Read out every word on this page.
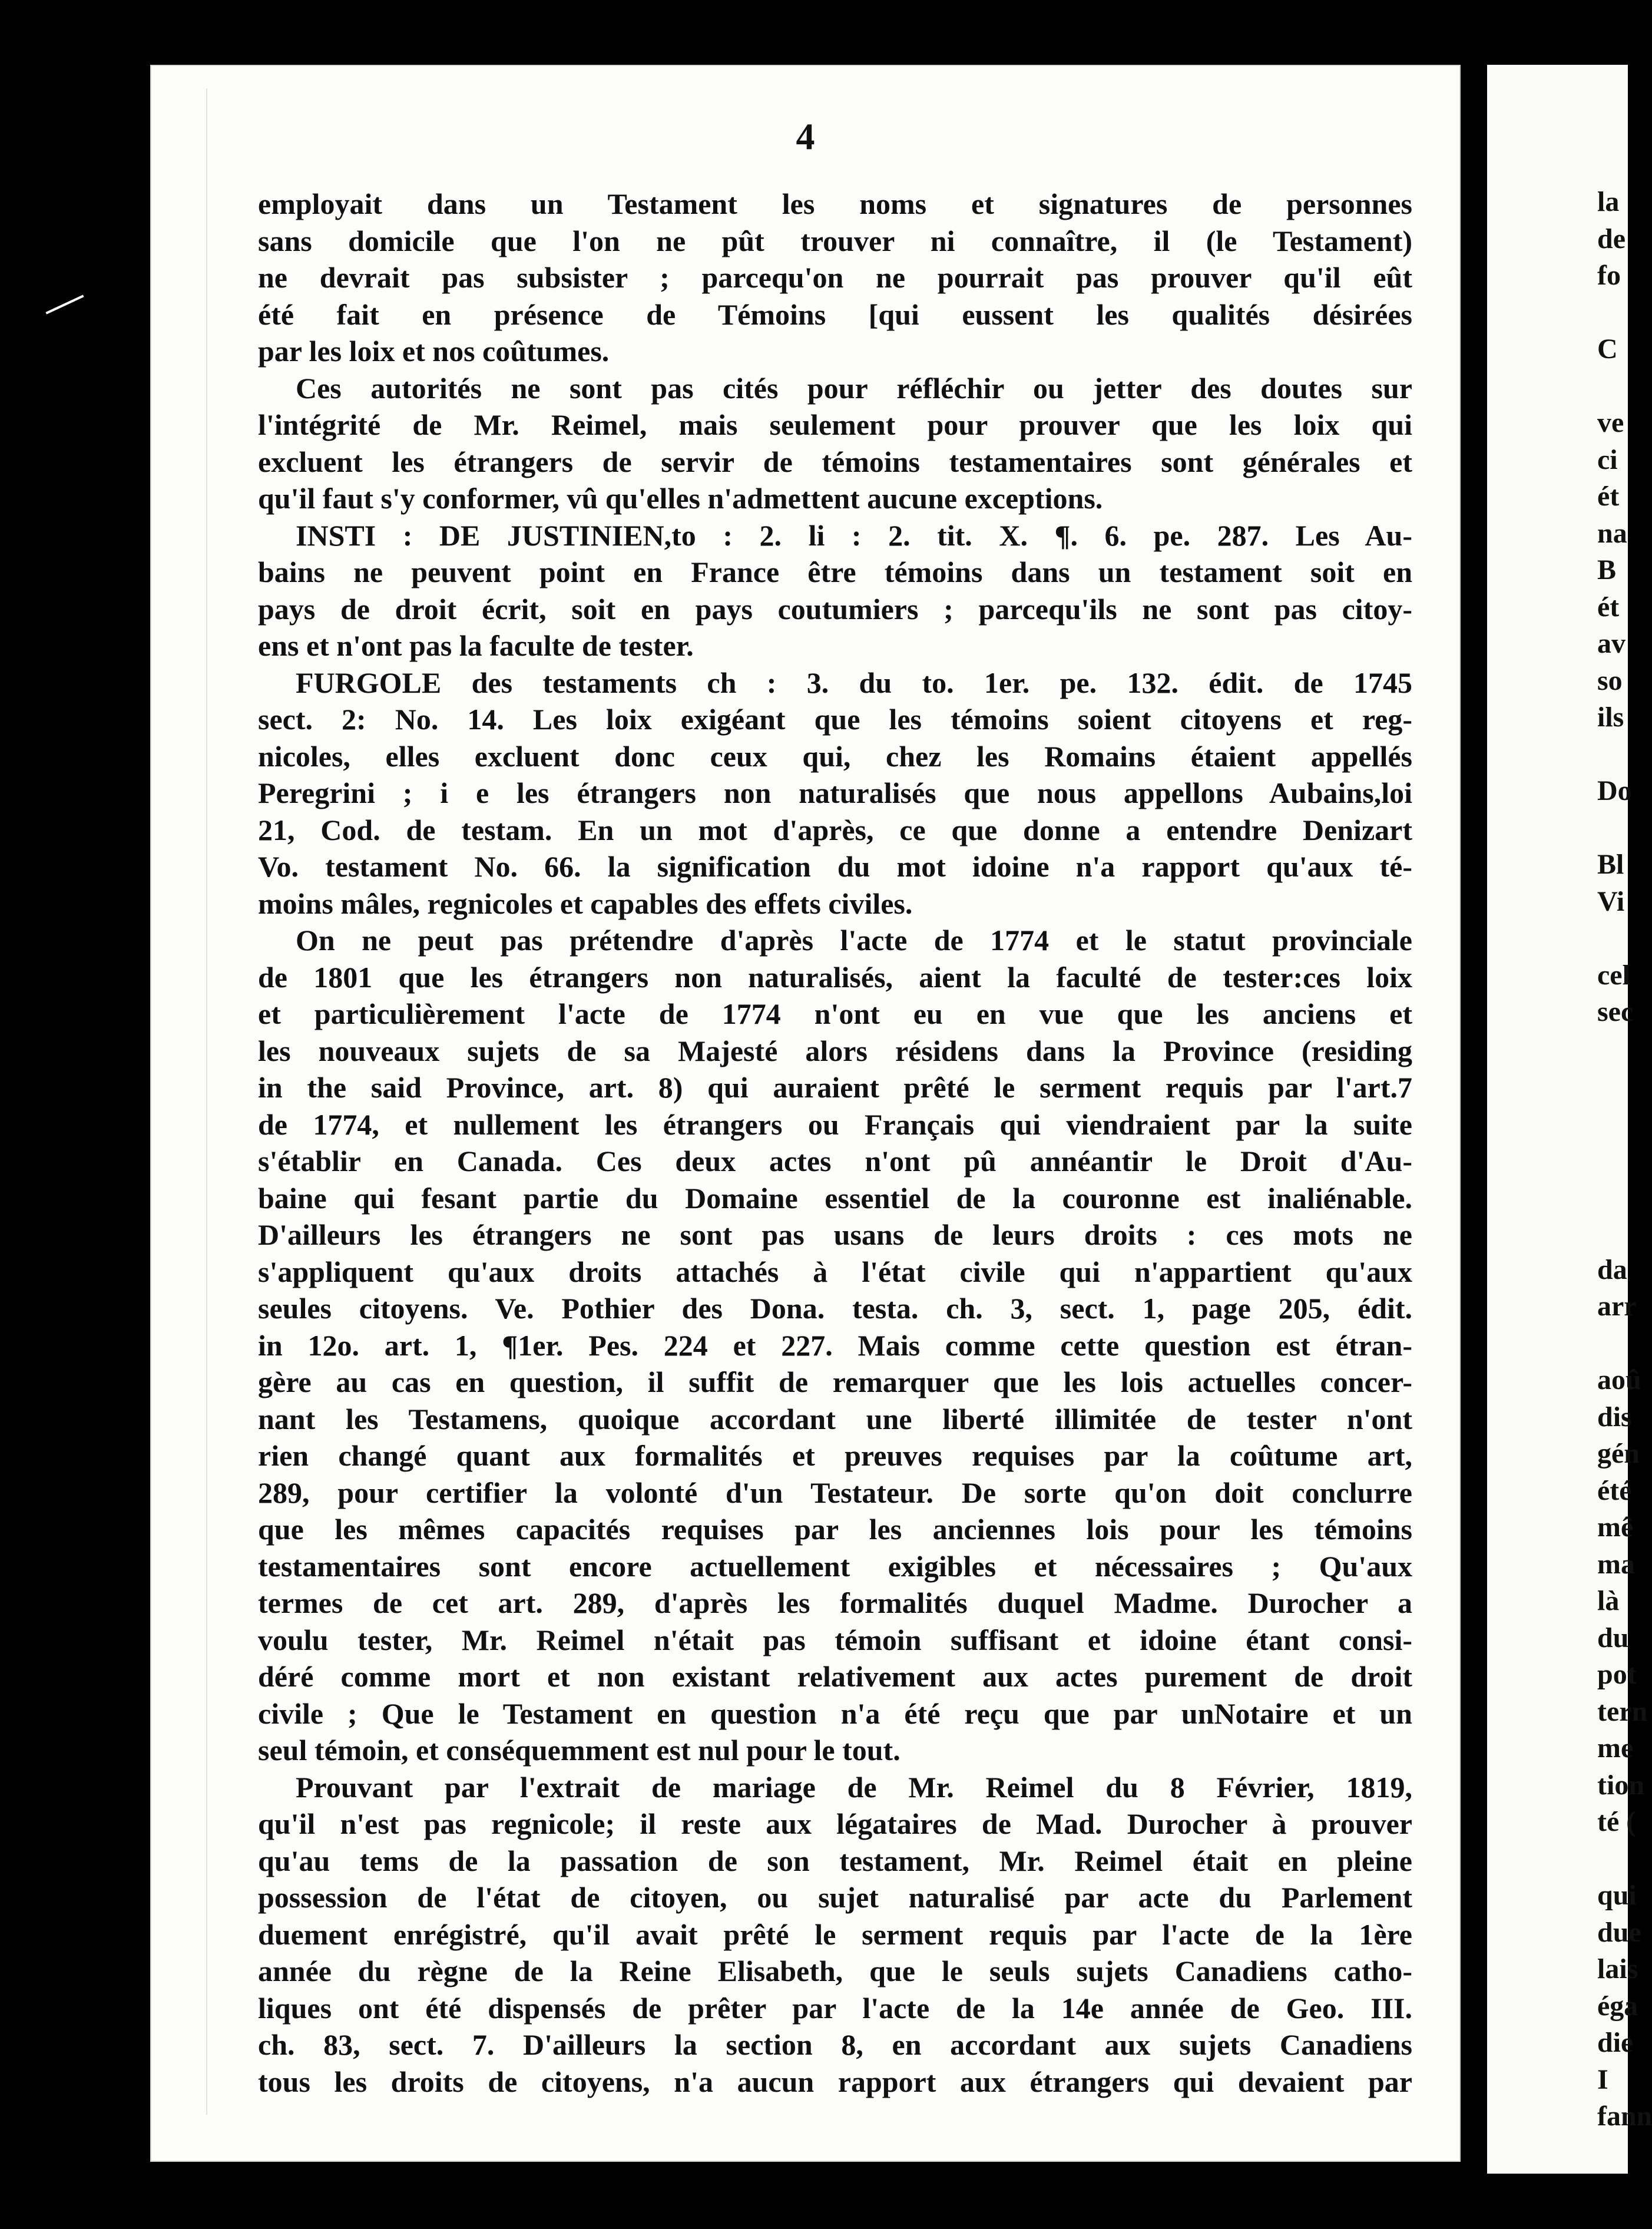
4
employait dans un Testament les noms et signatures de personnes
sans domicile que l'on ne pût trouver ni connaître, il (le Testament)
ne devrait pas subsister ; parcequ'on ne pourrait pas prouver qu'il eût
été fait en présence de Témoins [qui eussent les qualités désirées
par les loix et nos coûtumes.
Ces autorités ne sont pas cités pour réfléchir ou jetter des doutes sur
l'intégrité de Mr. Reimel, mais seulement pour prouver que les loix qui
excluent les étrangers de servir de témoins testamentaires sont générales et
qu'il faut s'y conformer, vû qu'elles n'admettent aucune exceptions.
INSTI : DE JUSTINIEN,to : 2. li : 2. tit. X. ¶. 6. pe. 287. Les Au-
bains ne peuvent point en France être témoins dans un testament soit en
pays de droit écrit, soit en pays coutumiers ; parcequ'ils ne sont pas citoy-
ens et n'ont pas la faculte de tester.
FURGOLE des testaments ch : 3. du to. 1er. pe. 132. édit. de 1745
sect. 2: No. 14. Les loix exigéant que les témoins soient citoyens et reg-
nicoles, elles excluent donc ceux qui, chez les Romains étaient appellés
Peregrini ; i e les étrangers non naturalisés que nous appellons Aubains,loi
21, Cod. de testam. En un mot d'après, ce que donne a entendre Denizart
Vo. testament No. 66. la signification du mot idoine n'a rapport qu'aux té-
moins mâles, regnicoles et capables des effets civiles.
On ne peut pas prétendre d'après l'acte de 1774 et le statut provinciale
de 1801 que les étrangers non naturalisés, aient la faculté de tester:ces loix
et particulièrement l'acte de 1774 n'ont eu en vue que les anciens et
les nouveaux sujets de sa Majesté alors résidens dans la Province (residing
in the said Province, art. 8) qui auraient prêté le serment requis par l'art.7
de 1774, et nullement les étrangers ou Français qui viendraient par la suite
s'établir en Canada. Ces deux actes n'ont pû annéantir le Droit d'Au-
baine qui fesant partie du Domaine essentiel de la couronne est inaliénable.
D'ailleurs les étrangers ne sont pas usans de leurs droits : ces mots ne
s'appliquent qu'aux droits attachés à l'état civile qui n'appartient qu'aux
seules citoyens. Ve. Pothier des Dona. testa. ch. 3, sect. 1, page 205, édit.
in 12o. art. 1, ¶1er. Pes. 224 et 227. Mais comme cette question est étran-
gère au cas en question, il suffit de remarquer que les lois actuelles concer-
nant les Testamens, quoique accordant une liberté illimitée de tester n'ont
rien changé quant aux formalités et preuves requises par la coûtume art,
289, pour certifier la volonté d'un Testateur. De sorte qu'on doit conclurre
que les mêmes capacités requises par les anciennes lois pour les témoins
testamentaires sont encore actuellement exigibles et nécessaires ; Qu'aux
termes de cet art. 289, d'après les formalités duquel Madme. Durocher a
voulu tester, Mr. Reimel n'était pas témoin suffisant et idoine étant consi-
déré comme mort et non existant relativement aux actes purement de droit
civile ; Que le Testament en question n'a été reçu que par unNotaire et un
seul témoin, et conséquemment est nul pour le tout.
Prouvant par l'extrait de mariage de Mr. Reimel du 8 Février, 1819,
qu'il n'est pas regnicole; il reste aux légataires de Mad. Durocher à prouver
qu'au tems de la passation de son testament, Mr. Reimel était en pleine
possession de l'état de citoyen, ou sujet naturalisé par acte du Parlement
duement enrégistré, qu'il avait prêté le serment requis par l'acte de la 1ère
année du règne de la Reine Elisabeth, que le seuls sujets Canadiens catho-
liques ont été dispensés de prêter par l'acte de la 14e année de Geo. III.
ch. 83, sect. 7. D'ailleurs la section 8, en accordant aux sujets Canadiens
tous les droits de citoyens, n'a aucun rapport aux étrangers qui devaient par
la
de
fo
C
ve
ci
ét
na
B
ét
av
so
ils
Do
Bl
Vi
cel
sec
da
arr
aoû
dis
gén
été
mê
ma
là
du
pot
tern
me
tion
té (
qui
due
lais
éga
die
I
fann
